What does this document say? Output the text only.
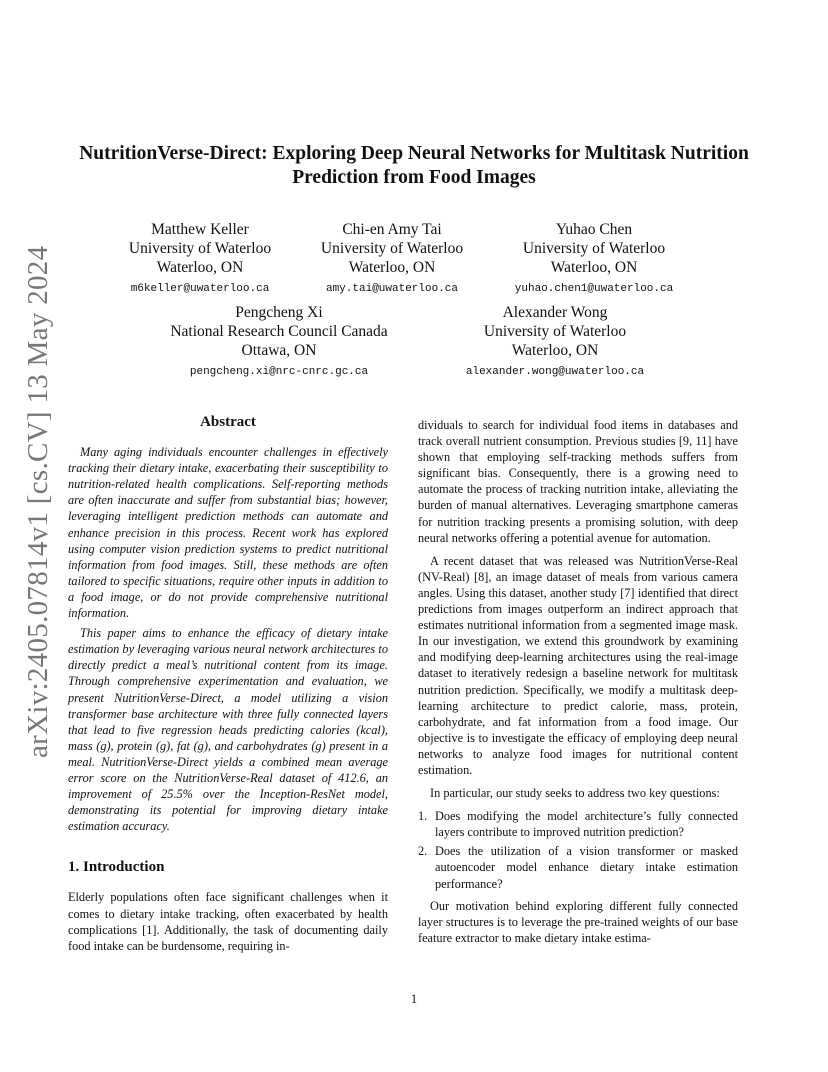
arXiv:2405.07814v1 [cs.CV] 13 May 2024
NutritionVerse-Direct: Exploring Deep Neural Networks for Multitask Nutrition
Prediction from Food Images
Matthew Keller
University of Waterloo
Waterloo, ON
m6keller@uwaterloo.ca
Chi-en Amy Tai
University of Waterloo
Waterloo, ON
amy.tai@uwaterloo.ca
Yuhao Chen
University of Waterloo
Waterloo, ON
yuhao.chen1@uwaterloo.ca
Pengcheng Xi
National Research Council Canada
Ottawa, ON
pengcheng.xi@nrc-cnrc.gc.ca
Alexander Wong
University of Waterloo
Waterloo, ON
alexander.wong@uwaterloo.ca
Abstract

Many aging individuals encounter challenges in effectively tracking their dietary intake, exacerbating their susceptibility to nutrition-related health complications. Self-reporting methods are often inaccurate and suffer from substantial bias; however, leveraging intelligent prediction methods can automate and enhance precision in this process. Recent work has explored using computer vision prediction systems to predict nutritional information from food images. Still, these methods are often tailored to specific situations, require other inputs in addition to a food image, or do not provide comprehensive nutritional information.

This paper aims to enhance the efficacy of dietary intake estimation by leveraging various neural network architectures to directly predict a meal’s nutritional content from its image. Through comprehensive experimentation and evaluation, we present NutritionVerse-Direct, a model utilizing a vision transformer base architecture with three fully connected layers that lead to five regression heads predicting calories (kcal), mass (g), protein (g), fat (g), and carbohydrates (g) present in a meal. NutritionVerse-Direct yields a combined mean average error score on the NutritionVerse-Real dataset of 412.6, an improvement of 25.5% over the Inception-ResNet model, demonstrating its potential for improving dietary intake estimation accuracy.

1. Introduction

Elderly populations often face significant challenges when it comes to dietary intake tracking, often exacerbated by health complications [1]. Additionally, the task of documenting daily food intake can be burdensome, requiring in-

dividuals to search for individual food items in databases and track overall nutrient consumption. Previous studies [9, 11] have shown that employing self-tracking methods suffers from significant bias. Consequently, there is a growing need to automate the process of tracking nutrition intake, alleviating the burden of manual alternatives. Leveraging smartphone cameras for nutrition tracking presents a promising solution, with deep neural networks offering a potential avenue for automation.

A recent dataset that was released was NutritionVerse-Real (NV-Real) [8], an image dataset of meals from various camera angles. Using this dataset, another study [7] identified that direct predictions from images outperform an indirect approach that estimates nutritional information from a segmented image mask. In our investigation, we extend this groundwork by examining and modifying deep-learning architectures using the real-image dataset to iteratively redesign a baseline network for multitask nutrition prediction. Specifically, we modify a multitask deep-learning architecture to predict calorie, mass, protein, carbohydrate, and fat information from a food image. Our objective is to investigate the efficacy of employing deep neural networks to analyze food images for nutritional content estimation.

In particular, our study seeks to address two key questions:

1. Does modifying the model architecture’s fully connected layers contribute to improved nutrition prediction?
2. Does the utilization of a vision transformer or masked autoencoder model enhance dietary intake estimation performance?

Our motivation behind exploring different fully connected layer structures is to leverage the pre-trained weights of our base feature extractor to make dietary intake estima-

1
